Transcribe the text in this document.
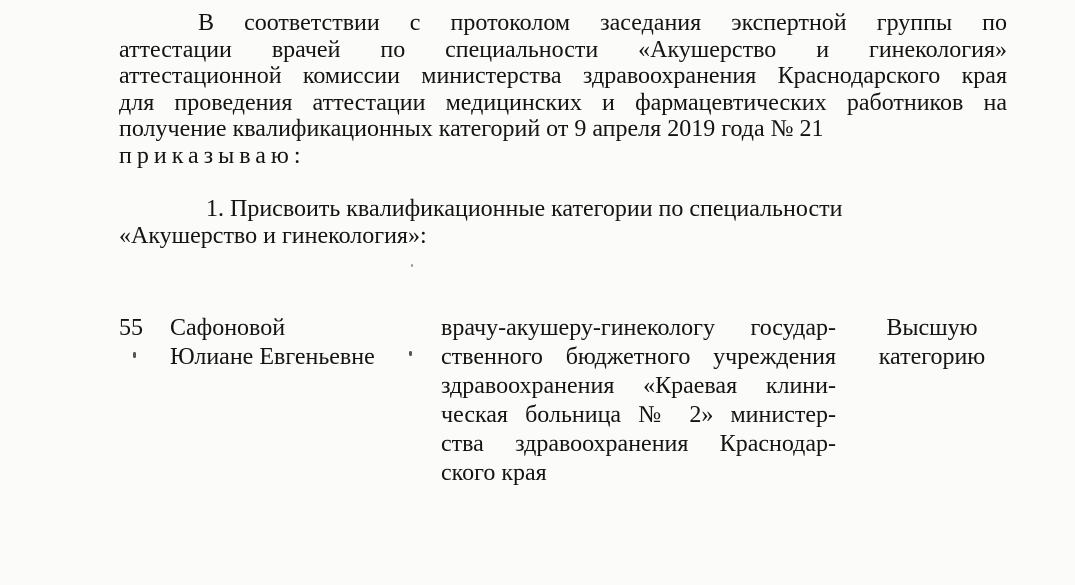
В соответствии с протоколом заседания экспертной группы по
аттестации врачей по специальности «Акушерство и гинекология»
аттестационной комиссии министерства здравоохранения Краснодарского края
для проведения аттестации медицинских и фармацевтических работников на
получение квалификационных категорий от 9 апреля 2019 года № 21
приказываю:
1. Присвоить квалификационные категории по специальности
«Акушерство и гинекология»:
55 Сафоновой
Юлиане Евгеньевне
врачу-акушеру-гинекологу государ-
ственного бюджетного учреждения
здравоохранения «Краевая клини-
ческая больница № 2» министер-
ства здравоохранения Краснодар-
ского края
Высшую
категорию
